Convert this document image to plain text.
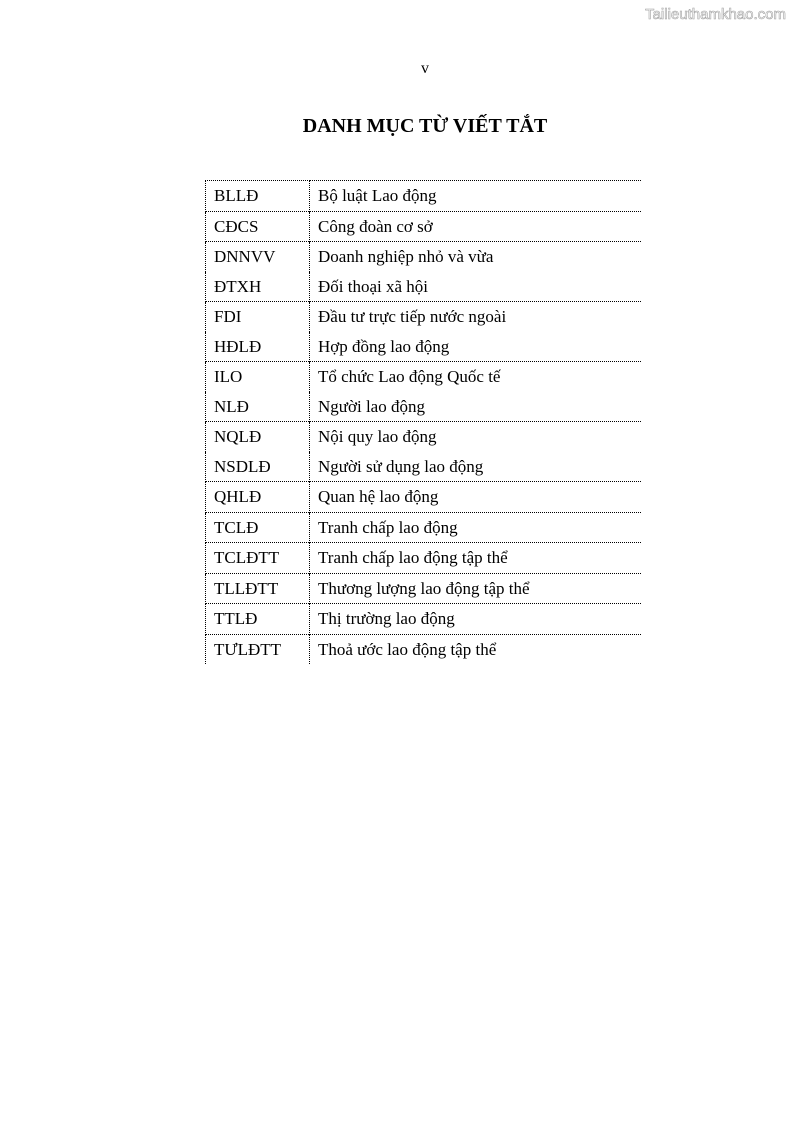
Tailieuthamkhao.com
v
DANH MỤC TỪ VIẾT TẮT
BLLĐ	Bộ luật Lao động
CĐCS	Công đoàn cơ sở
DNNVV	Doanh nghiệp nhỏ và vừa
ĐTXH	Đối thoại xã hội
FDI	Đầu tư trực tiếp nước ngoài
HĐLĐ	Hợp đồng lao động
ILO	Tổ chức Lao động Quốc tế
NLĐ	Người lao động
NQLĐ	Nội quy lao động
NSDLĐ	Người sử dụng lao động
QHLĐ	Quan hệ lao động
TCLĐ	Tranh chấp lao động
TCLĐTT	Tranh chấp lao động tập thể
TLLĐTT	Thương lượng lao động tập thể
TTLĐ	Thị trường lao động
TƯLĐTT	Thoả ước lao động tập thể
